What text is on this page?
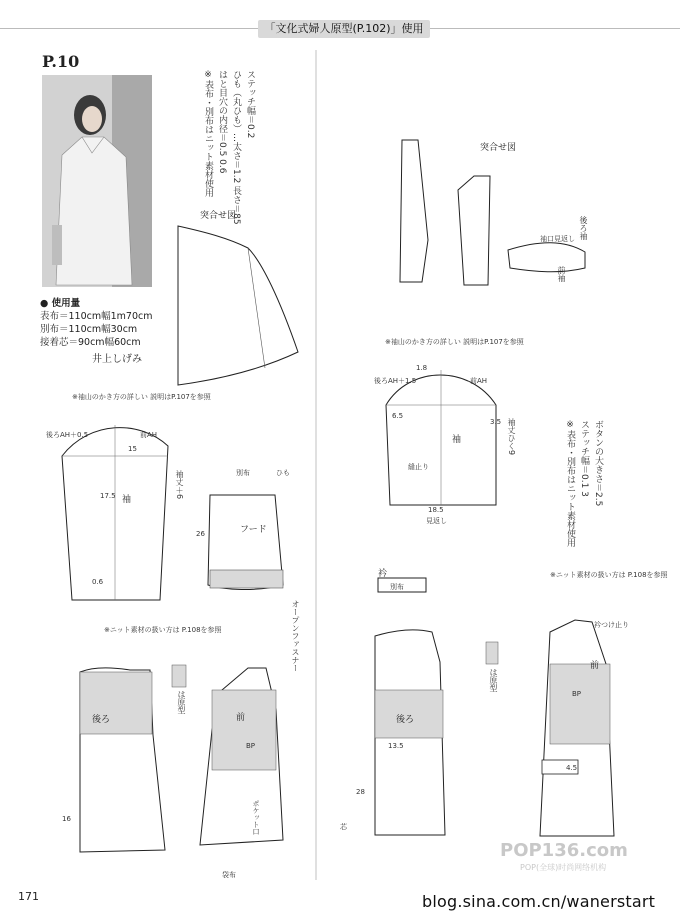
「文化式婦人原型(P.102)」使用
P.10
● 使用量
表布＝110cm幅1m70cm
別布＝110cm幅30cm
接着芯＝90cm幅60cm
井上しげみ
ステッチ幅＝0.2
ひも（丸ひも）…太さ＝1.2 長さ＝85
はと目穴の内径＝0.5 0.6
※表布・別布はニット素材使用
ボタンの大きさ＝2.5
ステッチ幅＝0.1 3
※表布・別布はニット素材使用
突合せ図
突合せ図
※袖山のかき方の詳しい 説明はP.107を参照
※袖山のかき方の詳しい 説明はP.107を参照
※ニット素材の扱い方は P.108を参照
※ニット素材の扱い方は P.108を参照
袖
袖
フード
後ろ	後ろ
前
前
衿
別布
は原型
は原型
別布	ひも
オープンファスナー
ポケット口
袖口見返し 後ろ袖
前袖
袖丈＋6
袖丈ひく9
後ろAH＋0.5	前AH
後ろAH＋1.5	前AH
BP
BP
芯
見返し
袋布
衿つけ止り
縫止り
17.5
15
26
16
28
13.5
18.5
6.5
4.5
0.6
1.8
3.5
171
POP136.com
POP(全球)时尚网络机构
blog.sina.com.cn/wanerstart
